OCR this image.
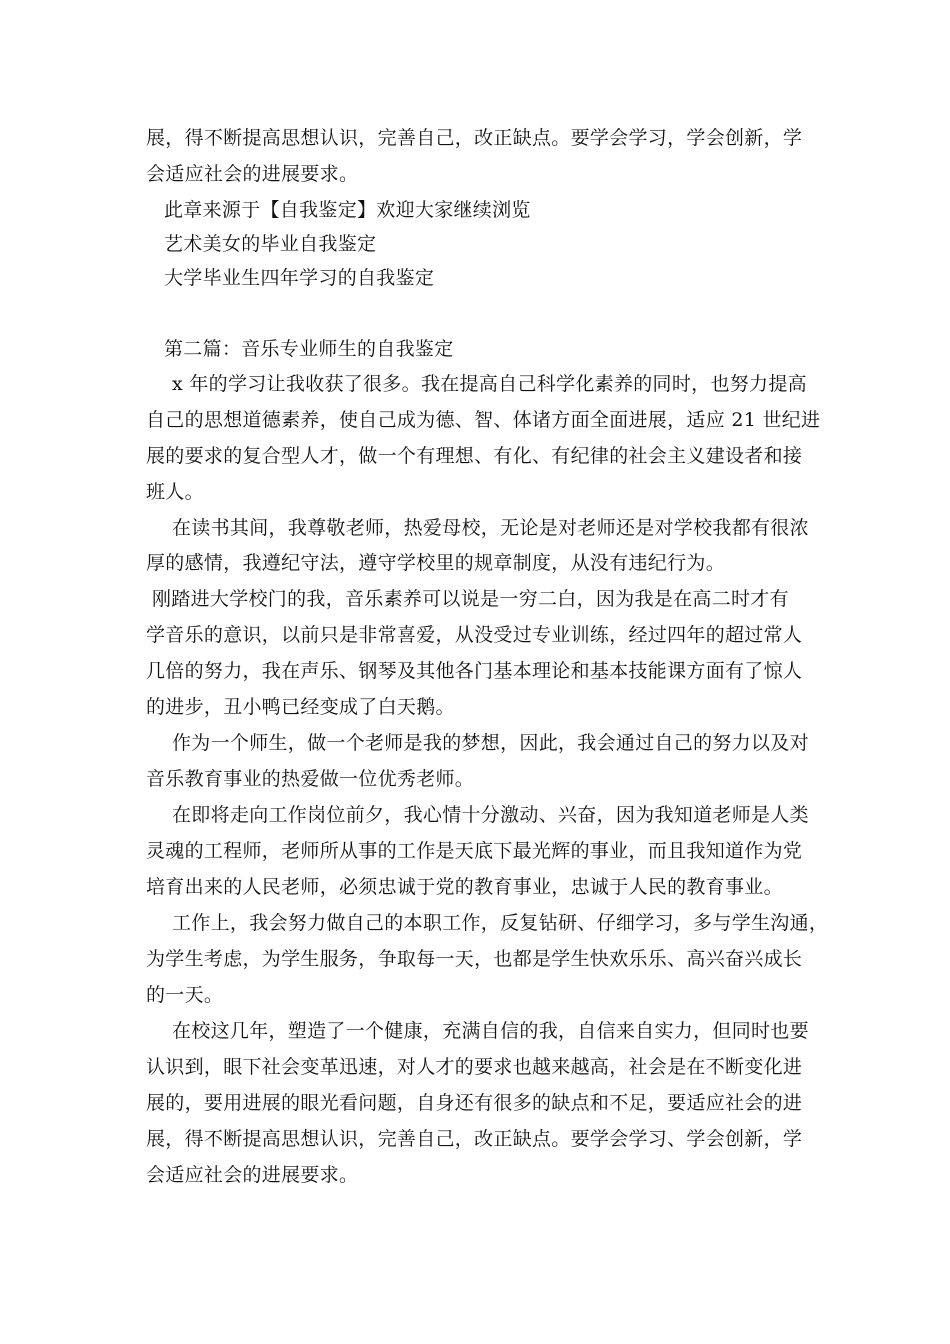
展，得不断提高思想认识，完善自己，改正缺点。要学会学习，学会创新，学
会适应社会的进展要求。
此章来源于【自我鉴定】欢迎大家继续浏览
艺术美女的毕业自我鉴定
大学毕业生四年学习的自我鉴定
第二篇：音乐专业师生的自我鉴定
x 年的学习让我收获了很多。我在提高自己科学化素养的同时，也努力提高
自己的思想道德素养，使自己成为德、智、体诸方面全面进展，适应 21 世纪进
展的要求的复合型人才，做一个有理想、有化、有纪律的社会主义建设者和接
班人。
在读书其间，我尊敬老师，热爱母校，无论是对老师还是对学校我都有很浓
厚的感情，我遵纪守法，遵守学校里的规章制度，从没有违纪行为。
刚踏进大学校门的我，音乐素养可以说是一穷二白，因为我是在高二时才有
学音乐的意识，以前只是非常喜爱，从没受过专业训练，经过四年的超过常人
几倍的努力，我在声乐、钢琴及其他各门基本理论和基本技能课方面有了惊人
的进步，丑小鸭已经变成了白天鹅。
作为一个师生，做一个老师是我的梦想，因此，我会通过自己的努力以及对
音乐教育事业的热爱做一位优秀老师。
在即将走向工作岗位前夕，我心情十分激动、兴奋，因为我知道老师是人类
灵魂的工程师，老师所从事的工作是天底下最光辉的事业，而且我知道作为党
培育出来的人民老师，必须忠诚于党的教育事业，忠诚于人民的教育事业。
工作上，我会努力做自己的本职工作，反复钻研、仔细学习，多与学生沟通，
为学生考虑，为学生服务，争取每一天，也都是学生快欢乐乐、高兴奋兴成长
的一天。
在校这几年，塑造了一个健康，充满自信的我，自信来自实力，但同时也要
认识到，眼下社会变革迅速，对人才的要求也越来越高，社会是在不断变化进
展的，要用进展的眼光看问题，自身还有很多的缺点和不足，要适应社会的进
展，得不断提高思想认识，完善自己，改正缺点。要学会学习、学会创新，学
会适应社会的进展要求。
